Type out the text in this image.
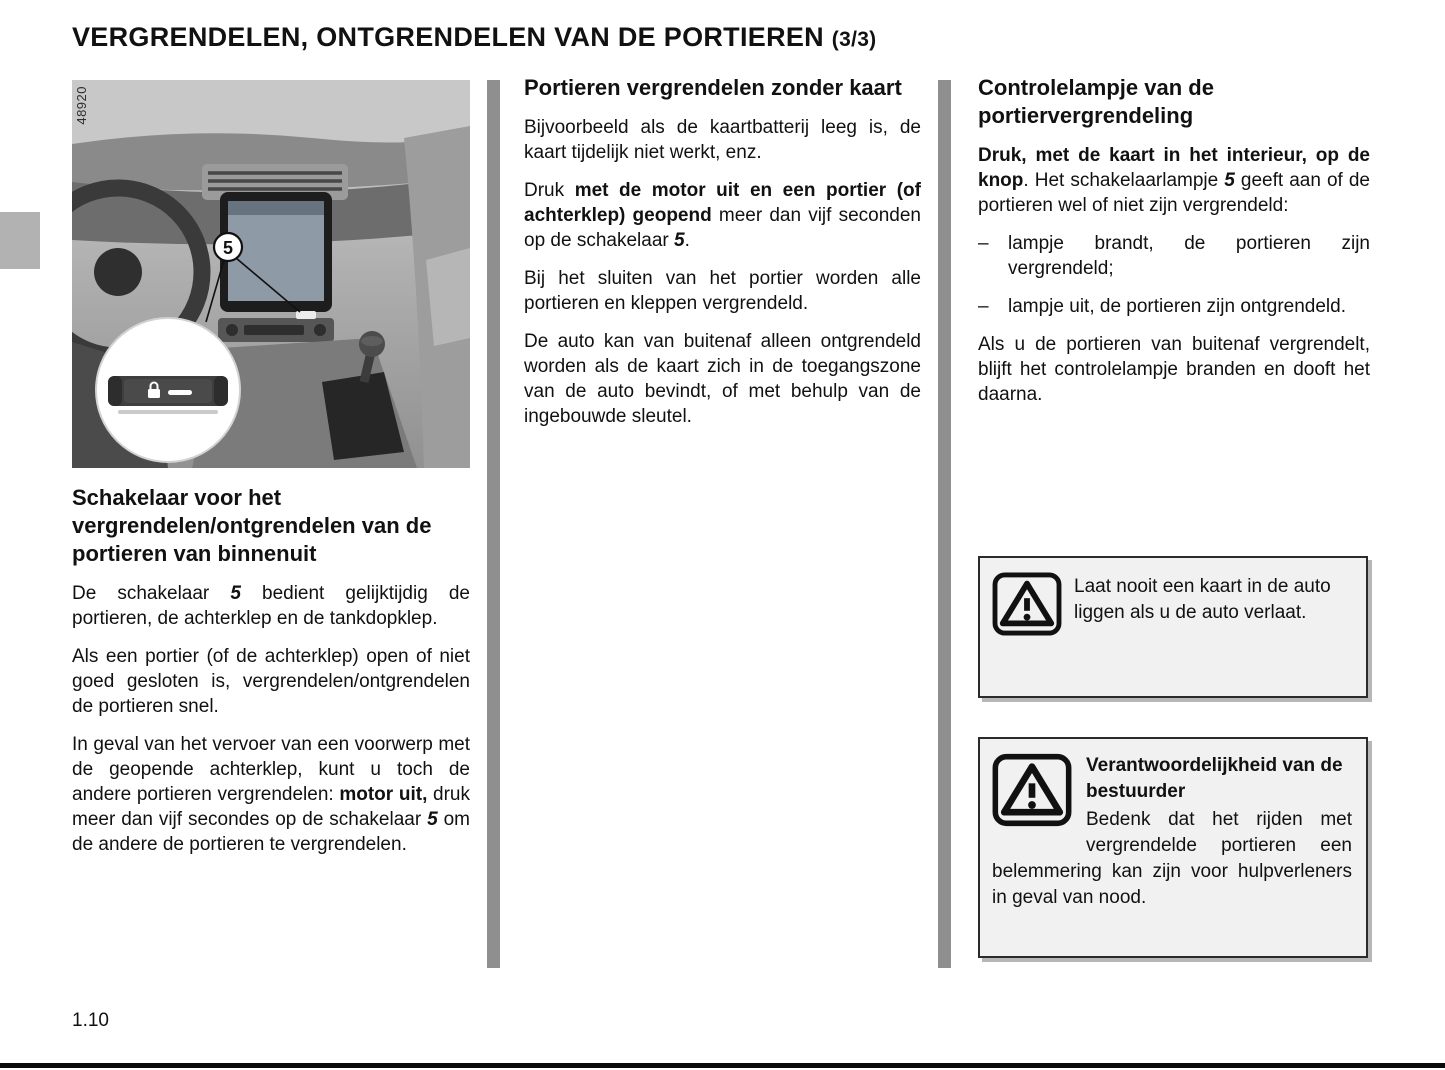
VERGRENDELEN, ONTGRENDELEN VAN DE PORTIEREN (3/3)
5
48920
Schakelaar voor het vergrendelen/ontgrendelen van de portieren van binnenuit

De schakelaar 5 bedient gelijktijdig de portieren, de achterklep en de tankdopklep.

Als een portier (of de achterklep) open of niet goed gesloten is, vergrendelen/ontgrendelen de portieren snel.

In geval van het vervoer van een voorwerp met de geopende achterklep, kunt u toch de andere portieren vergrendelen: motor uit, druk meer dan vijf secondes op de schakelaar 5 om de andere de portieren te vergrendelen.

Portieren vergrendelen zonder kaart

Bijvoorbeeld als de kaartbatterij leeg is, de kaart tijdelijk niet werkt, enz.

Druk met de motor uit en een portier (of achterklep) geopend meer dan vijf seconden op de schakelaar 5.

Bij het sluiten van het portier worden alle portieren en kleppen vergrendeld.

De auto kan van buitenaf alleen ontgrendeld worden als de kaart zich in de toegangszone van de auto bevindt, of met behulp van de ingebouwde sleutel.

Controlelampje van de portiervergrendeling

Druk, met de kaart in het interieur, op de knop. Het schakelaarlampje 5 geeft aan of de portieren wel of niet zijn vergrendeld:

–	lampje brandt, de portieren zijn vergrendeld;

–	lampje uit, de portieren zijn ontgrendeld.

Als u de portieren van buitenaf vergrendelt, blijft het controlelampje branden en dooft het daarna.

Laat nooit een kaart in de auto liggen als u de auto verlaat.
Verantwoordelijkheid van de bestuurder

Bedenk dat het rijden met vergrendelde portieren een belemmering kan zijn voor hulpverleners in geval van nood.

1.10
